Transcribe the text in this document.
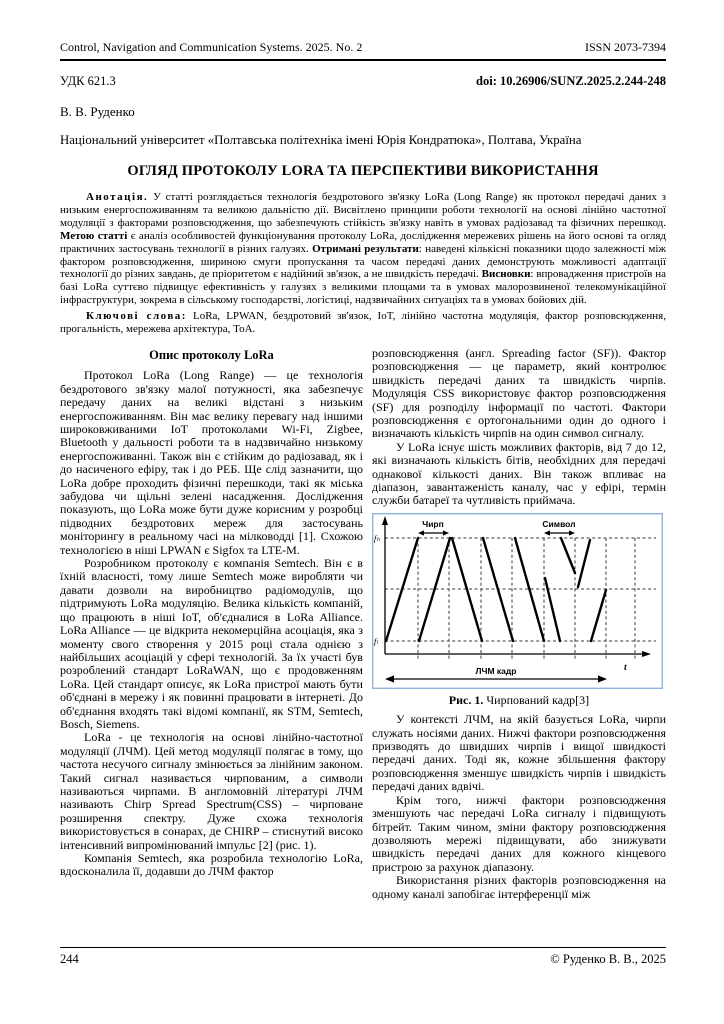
Control, Navigation and Communication Systems. 2025. No. 2	ISSN 2073-7394
УДК 621.3	doi: 10.26906/SUNZ.2025.2.244-248
В. В. Руденко
Національний університет «Полтавська політехніка імені Юрія Кондратюка», Полтава, Україна
ОГЛЯД ПРОТОКОЛУ LORA ТА ПЕРСПЕКТИВИ ВИКОРИСТАННЯ

Анотація. У статті розглядається технологія бездротового зв'язку LoRa (Long Range) як протокол передачі даних з низьким енергоспоживанням та великою дальністю дії. Висвітлено принципи роботи технології на основі лінійно частотної модуляції з факторами розповсюдження, що забезпечують стійкість зв'язку навіть в умовах радіозавад та фізичних перешкод. Метою статті є аналіз особливостей функціонування протоколу LoRa, дослідження мережевих рішень на його основі та огляд практичних застосувань технології в різних галузях. Отримані результати: наведені кількісні показники щодо залежності між фактором розповсюдження, шириною смуги пропускання та часом передачі даних демонструють можливості адаптації технології до різних завдань, де пріоритетом є надійний зв'язок, а не швидкість передачі. Висновки: впровадження пристроїв на базі LoRa суттєво підвищує ефективність у галузях з великими площами та в умовах малорозвиненої телекомунікаційної інфраструктури, зокрема в сільському господарстві, логістиці, надзвичайних ситуаціях та в умовах бойових дій.

Ключові слова: LoRa, LPWAN, бездротовий зв'язок, IoT, лінійно частотна модуляція, фактор розповсюдження, прогальність, мережева архітектура, ToA.

Опис протоколу LoRa

Протокол LoRa (Long Range) — це технологія бездротового зв'язку малої потужності, яка забезпечує передачу даних на великі відстані з низьким енергоспоживанням. Він має велику перевагу над іншими широковживаними IoT протоколами Wi-Fi, Zigbee, Bluetooth у дальності роботи та в надзвичайно низькому енергоспоживанні. Також він є стійким до радіозавад, як і до насиченого ефіру, так і до РЕБ. Ще слід зазначити, що LoRa добре проходить фізичні перешкоди, такі як міська забудова чи щільні зелені насадження. Дослідження показують, що LoRa може бути дуже корисним у розробці підводних бездротових мереж для застосувань моніторингу в реальному часі на мілководді [1]. Схожою технологією в ніші LPWAN є Sigfox та LTE-M.

Розробником протоколу є компанія Semtech. Він є в їхній власності, тому лише Semtech може виробляти чи давати дозволи на виробництво радіомодулів, що підтримують LoRa модуляцію. Велика кількість компаній, що працюють в ніші IoT, об'єдналися в LoRa Alliance. LoRa Alliance — це відкрита некомерційна асоціація, яка з моменту свого створення у 2015 році стала однією з найбільших асоціацій у сфері технологій. За їх участі був розроблений стандарт LoRaWAN, що є продовженням LoRa. Цей стандарт описує, як LoRa пристрої мають бути об'єднані в мережу і як повинні працювати в інтернеті. До об'єднання входять такі відомі компанії, як STM, Semtech, Bosch, Siemens.

LoRa - це технологія на основі лінійно-частотної модуляції (ЛЧМ). Цей метод модуляції полягає в тому, що частота несучого сигналу змінюється за лінійним законом. Такий сигнал називається чирпованим, а символи називаються чирпами. В англомовній літературі ЛЧМ називають Chirp Spread Spectrum(CSS) – чирповане розширення спектру. Дуже схожа технологія використовується в сонарах, де CHIRP – стиснутий високо інтенсивний випромінюваний імпульс [2] (рис. 1).

Компанія Semtech, яка розробила технологію LoRa, вдосконалила її, додавши до ЛЧМ фактор

розповсюдження (англ. Spreading factor (SF)). Фактор розповсюдження — це параметр, який контролює швидкість передачі даних та швидкість чирпів. Модуляція CSS використовує фактор розповсюдження (SF) для розподілу інформації по частоті. Фактори розповсюдження є ортогональними один до одного і визначають кількість чирпів на один символ сигналу.

У LoRa існує шість можливих факторів, від 7 до 12, які визначають кількість бітів, необхідних для передачі однакової кількості даних. Він також впливає на діапазон, завантаженість каналу, час у ефірі, термін служби батареї та чутливість приймача.

Чирп	Символ
fₕ
fₗ
t
ЛЧМ кадр
Рис. 1. Чирпований кадр[3]

У контексті ЛЧМ, на якій базується LoRa, чирпи служать носіями даних. Нижчі фактори розповсюдження призводять до швидших чирпів і вищої швидкості передачі даних. Тоді як, кожне збільшення фактору розповсюдження зменшує швидкість чирпів і швидкість передачі даних вдвічі.

Крім того, нижчі фактори розповсюдження зменшують час передачі LoRa сигналу і підвищують бітрейт. Таким чином, зміни фактору розповсюдження дозволяють мережі підвищувати, або знижувати швидкість передачі даних для кожного кінцевого пристрою за рахунок діапазону.

Використання різних факторів розповсюдження на одному каналі запобігає інтерференції між

244	© Руденко В. В., 2025
